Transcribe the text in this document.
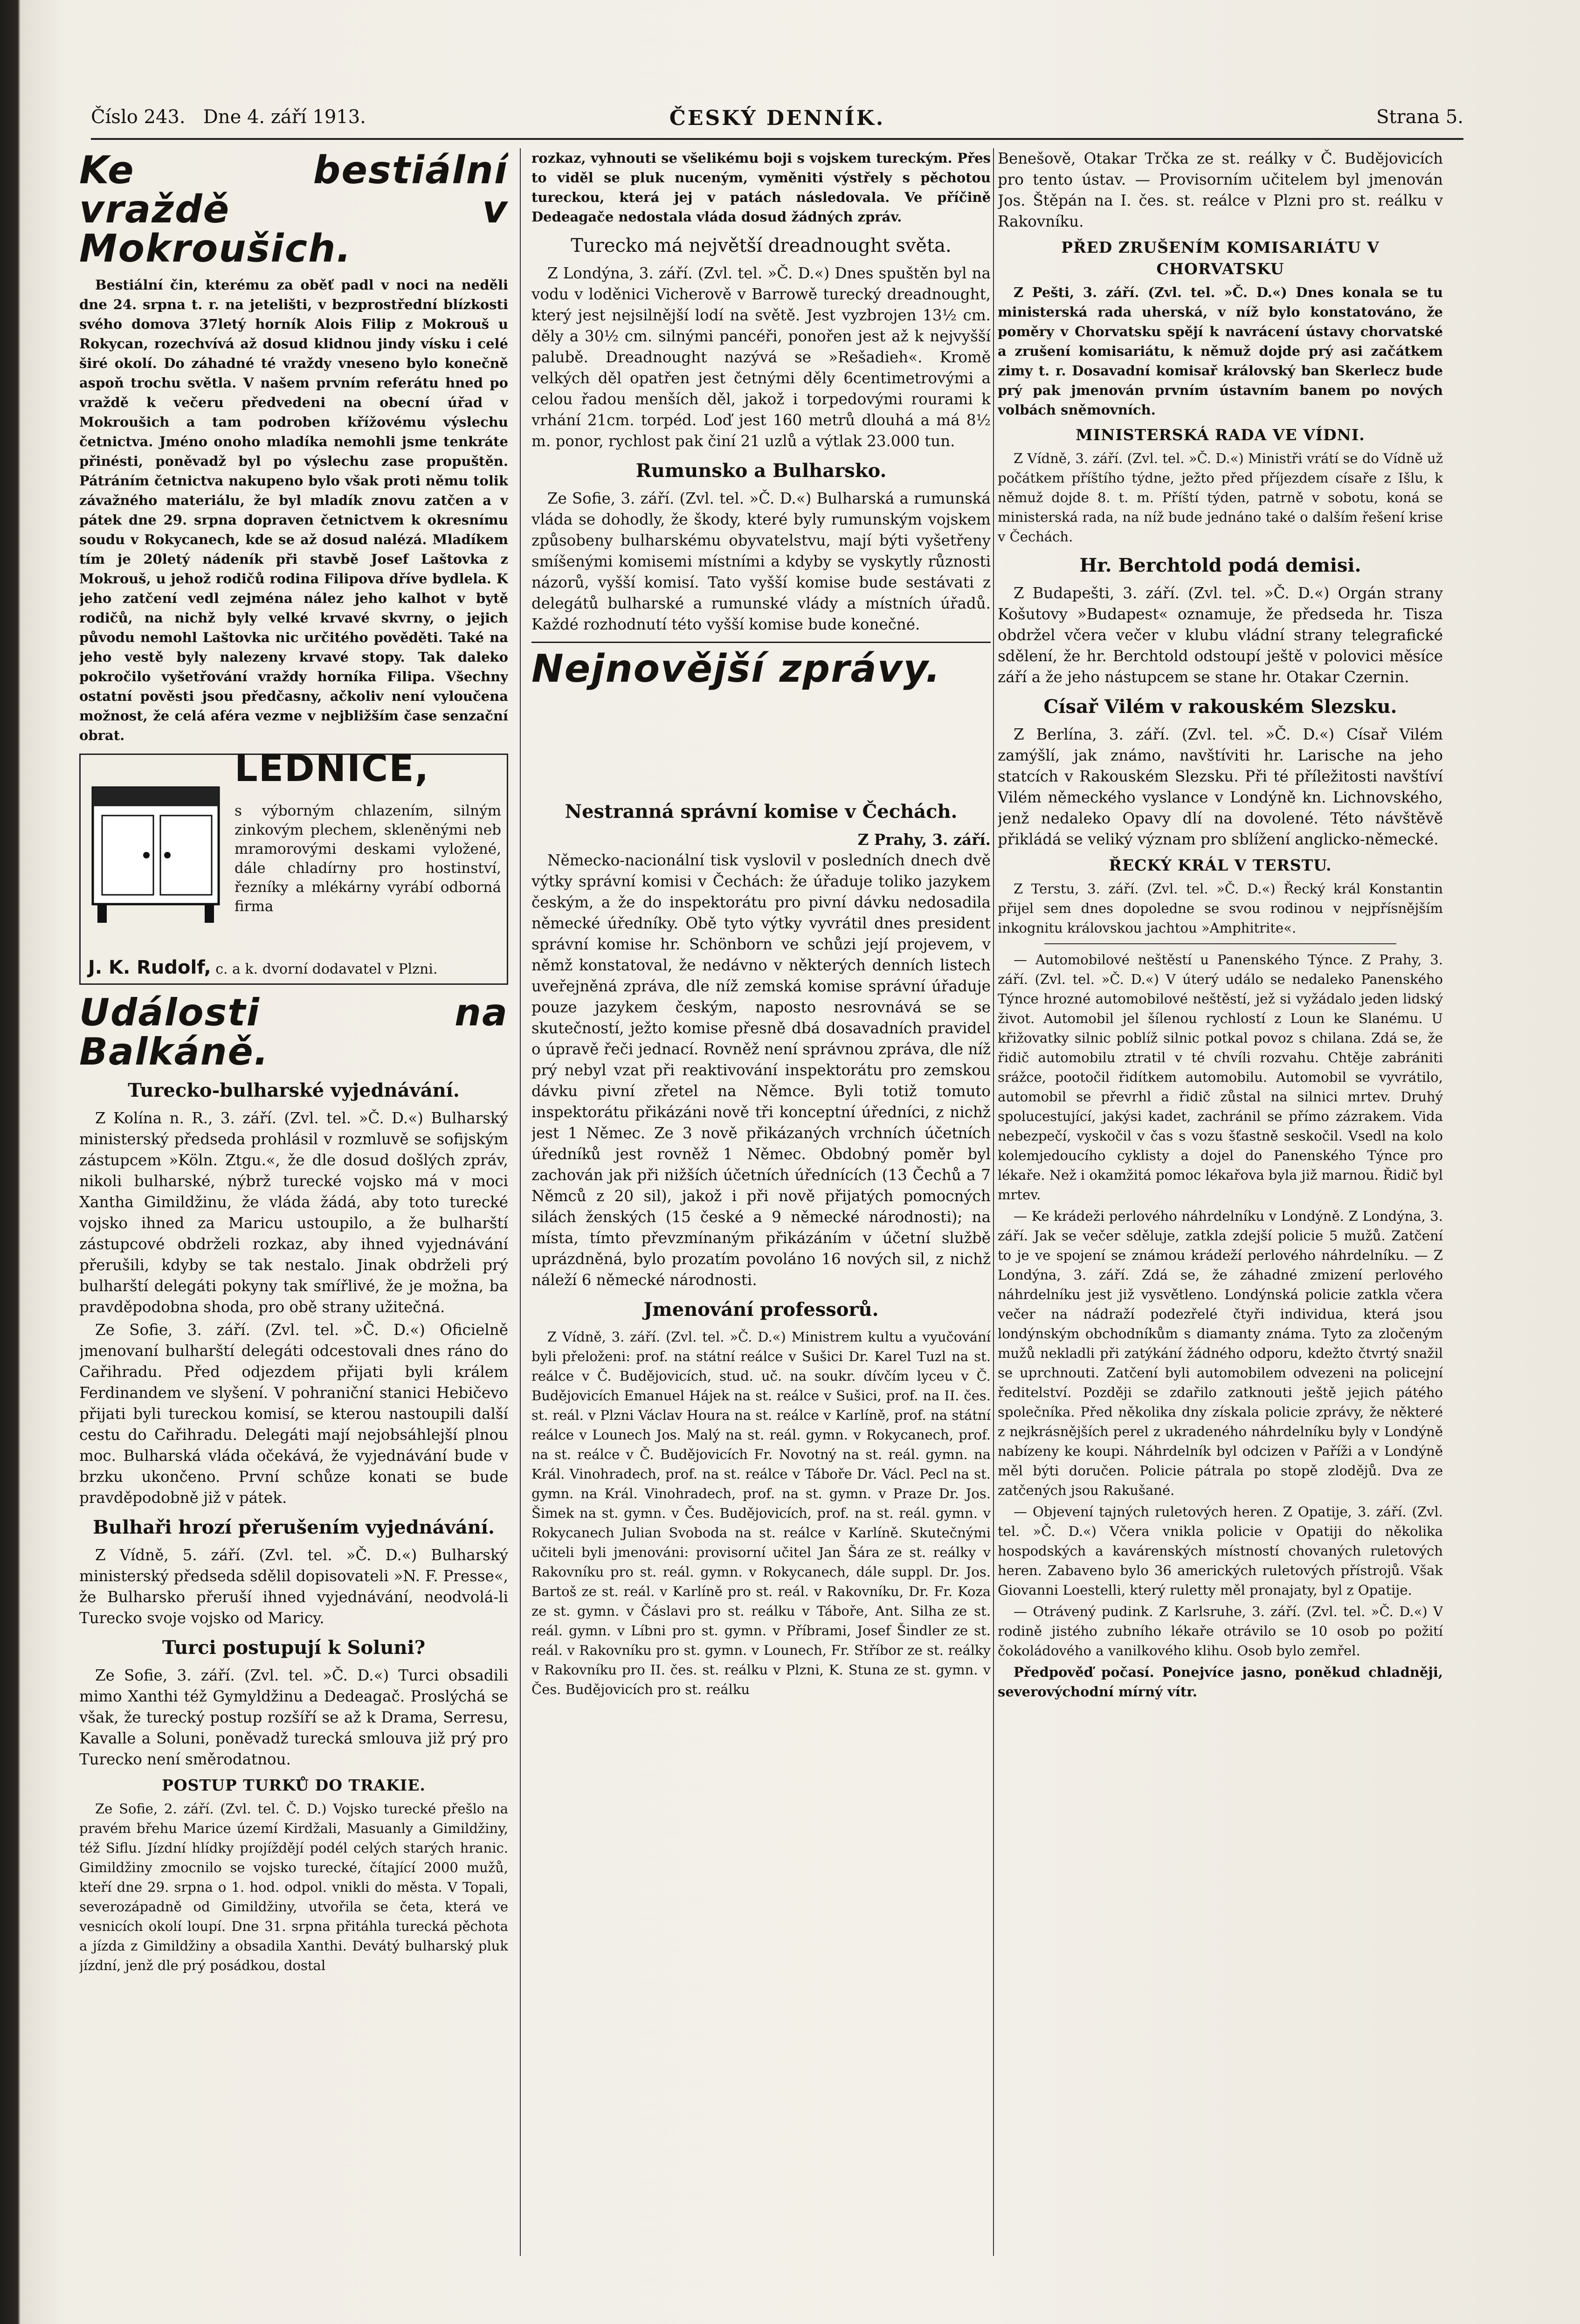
Číslo 243. Dne 4. září 1913.	ČESKÝ DENNÍK.	Strana 5.
Ke bestiální vraždě v Mokroušich.

Bestiální čin, kterému za oběť padl v noci na neděli dne 24. srpna t. r. na jetelišti, v bezprostřední blízkosti svého domova 37letý horník Alois Filip z Mokrouš u Rokycan, rozechvívá až dosud klidnou jindy vísku i celé širé okolí. Do záhadné té vraždy vneseno bylo konečně aspoň trochu světla. V našem prvním referátu hned po vraždě k večeru předvedeni na obecní úřad v Mokroušich a tam podroben křížovému výslechu četnictva. Jméno onoho mladíka nemohli jsme tenkráte přinésti, poněvadž byl po výslechu zase propuštěn. Pátráním četnictva nakupeno bylo však proti němu tolik závažného materiálu, že byl mladík znovu zatčen a v pátek dne 29. srpna dopraven četnictvem k okresnímu soudu v Rokycanech, kde se až dosud nalézá. Mladíkem tím je 20letý nádeník při stavbě Josef Laštovka z Mokrouš, u jehož rodičů rodina Filipova dříve bydlela. K jeho zatčení vedl zejména nález jeho kalhot v bytě rodičů, na nichž byly velké krvavé skvrny, o jejich původu nemohl Laštovka nic určitého pověděti. Také na jeho vestě byly nalezeny krvavé stopy. Tak daleko pokročilo vyšetřování vraždy horníka Filipa. Všechny ostatní pověsti jsou předčasny, ačkoliv není vyloučena možnost, že celá aféra vezme v nejbližším čase senzační obrat.

LEDNICE,
s výborným chlazením, silným zinkovým plechem, skleněnými neb mramorovými deskami vyložené, dále chladírny pro hostinství, řezníky a mlékárny vyrábí odborná firma
J. K. Rudolf, c. a k. dvorní dodavatel v Plzni.
Události na Balkáně.
Turecko-bulharské vyjednávání.

Z Kolína n. R., 3. září. (Zvl. tel. »Č. D.«) Bulharský ministerský předseda prohlásil v rozmluvě se sofijským zástupcem »Köln. Ztgu.«, že dle dosud došlých zpráv, nikoli bulharské, nýbrž turecké vojsko má v moci Xantha Gimildžinu, že vláda žádá, aby toto turecké vojsko ihned za Maricu ustoupilo, a že bulharští zástupcové obdrželi rozkaz, aby ihned vyjednávání přerušili, kdyby se tak nestalo. Jinak obdrželi prý bulharští delegáti pokyny tak smířlivé, že je možna, ba pravděpodobna shoda, pro obě strany užitečná.

Ze Sofie, 3. září. (Zvl. tel. »Č. D.«) Oficielně jmenovaní bulharští delegáti odcestovali dnes ráno do Cařihradu. Před odjezdem přijati byli králem Ferdinandem ve slyšení. V pohraniční stanici Hebičevo přijati byli tureckou komisí, se kterou nastoupili další cestu do Cařihradu. Delegáti mají nejobsáhlejší plnou moc. Bulharská vláda očekává, že vyjednávání bude v brzku ukončeno. První schůze konati se bude pravděpodobně již v pátek.

Bulhaři hrozí přerušením vyjednávání.

Z Vídně, 5. září. (Zvl. tel. »Č. D.«) Bulharský ministerský předseda sdělil dopisovateli »N. F. Presse«, že Bulharsko přeruší ihned vyjednávání, neodvolá-li Turecko svoje vojsko od Maricy.

Turci postupují k Soluni?

Ze Sofie, 3. září. (Zvl. tel. »Č. D.«) Turci obsadili mimo Xanthi též Gymyldžinu a Dedeagač. Proslýchá se však, že turecký postup rozšíří se až k Drama, Serresu, Kavalle a Soluni, poněvadž turecká smlouva již prý pro Turecko není směrodatnou.

POSTUP TURKŮ DO TRAKIE.

Ze Sofie, 2. září. (Zvl. tel. Č. D.) Vojsko turecké přešlo na pravém břehu Marice území Kirdžali, Masuanly a Gimildžiny, též Siflu. Jízdní hlídky projíždějí podél celých starých hranic. Gimildžiny zmocnilo se vojsko turecké, čítající 2000 mužů, kteří dne 29. srpna o 1. hod. odpol. vnikli do města. V Topali, severozápadně od Gimildžiny, utvořila se četa, která ve vesnicích okolí loupí. Dne 31. srpna přitáhla turecká pěchota a jízda z Gimildžiny a obsadila Xanthi. Devátý bulharský pluk jízdní, jenž dle prý posádkou, dostal

rozkaz, vyhnouti se všelikému boji s vojskem tureckým. Přes to viděl se pluk nuceným, vyměniti výstřely s pěchotou tureckou, která jej v patách následovala. Ve příčině Dedeagače nedostala vláda dosud žádných zpráv.

Turecko má největší dreadnought světa.

Z Londýna, 3. září. (Zvl. tel. »Č. D.«) Dnes spuštěn byl na vodu v loděnici Vicherově v Barrowě turecký dreadnought, který jest nejsilnější lodí na světě. Jest vyzbrojen 13½ cm. děly a 30½ cm. silnými pancéři, ponořen jest až k nejvyšší palubě. Dreadnought nazývá se »Rešadieh«. Kromě velkých děl opatřen jest četnými děly 6centimetrovými a celou řadou menších děl, jakož i torpedovými rourami k vrhání 21cm. torpéd. Loď jest 160 metrů dlouhá a má 8½ m. ponor, rychlost pak činí 21 uzlů a výtlak 23.000 tun.

Rumunsko a Bulharsko.

Ze Sofie, 3. září. (Zvl. tel. »Č. D.«) Bulharská a rumunská vláda se dohodly, že škody, které byly rumunským vojskem způsobeny bulharskému obyvatelstvu, mají býti vyšetřeny smíšenými komisemi místními a kdyby se vyskytly různosti názorů, vyšší komisí. Tato vyšší komise bude sestávati z delegátů bulharské a rumunské vlády a místních úřadů. Každé rozhodnutí této vyšší komise bude konečné.

Nejnovější zprávy.
Nestranná správní komise v Čechách.
Z Prahy, 3. září.

Německo-nacionální tisk vyslovil v posledních dnech dvě výtky správní komisi v Čechách: že úřaduje toliko jazykem českým, a že do inspektorátu pro pivní dávku nedosadila německé úředníky. Obě tyto výtky vyvrátil dnes president správní komise hr. Schönborn ve schůzi její projevem, v němž konstatoval, že nedávno v některých denních listech uveřejněná zpráva, dle níž zemská komise správní úřaduje pouze jazykem českým, naposto nesrovnává se se skutečností, ježto komise přesně dbá dosavadních pravidel o úpravě řeči jednací. Rovněž není správnou zpráva, dle níž prý nebyl vzat při reaktivování inspektorátu pro zemskou dávku pivní zřetel na Němce. Byli totiž tomuto inspektorátu přikázáni nově tři konceptní úředníci, z nichž jest 1 Němec. Ze 3 nově přikázaných vrchních účetních úředníků jest rovněž 1 Němec. Obdobný poměr byl zachován jak při nižších účetních úřednících (13 Čechů a 7 Němců z 20 sil), jakož i při nově přijatých pomocných silách ženských (15 české a 9 německé národnosti); na místa, tímto převzmínaným přikázáním v účetní službě uprázdněná, bylo prozatím povoláno 16 nových sil, z nichž náleží 6 německé národnosti.

Jmenování professorů.

Z Vídně, 3. září. (Zvl. tel. »Č. D.«) Ministrem kultu a vyučování byli přeloženi: prof. na státní reálce v Sušici Dr. Karel Tuzl na st. reálce v Č. Budějovicích, stud. uč. na soukr. dívčím lyceu v Č. Budějovicích Emanuel Hájek na st. reálce v Sušici, prof. na II. čes. st. reál. v Plzni Václav Houra na st. reálce v Karlíně, prof. na státní reálce v Lounech Jos. Malý na st. reál. gymn. v Rokycanech, prof. na st. reálce v Č. Budějovicích Fr. Novotný na st. reál. gymn. na Král. Vinohradech, prof. na st. reálce v Táboře Dr. Václ. Pecl na st. gymn. na Král. Vinohradech, prof. na st. gymn. v Praze Dr. Jos. Šimek na st. gymn. v Čes. Budějovicích, prof. na st. reál. gymn. v Rokycanech Julian Svoboda na st. reálce v Karlíně. Skutečnými učiteli byli jmenováni: provisorní učitel Jan Šára ze st. reálky v Rakovníku pro st. reál. gymn. v Rokycanech, dále suppl. Dr. Jos. Bartoš ze st. reál. v Karlíně pro st. reál. v Rakovníku, Dr. Fr. Koza ze st. gymn. v Čáslavi pro st. reálku v Táboře, Ant. Silha ze st. reál. gymn. v Líbni pro st. gymn. v Příbrami, Josef Šindler ze st. reál. v Rakovníku pro st. gymn. v Lounech, Fr. Stříbor ze st. reálky v Rakovníku pro II. čes. st. reálku v Plzni, K. Stuna ze st. gymn. v Čes. Budějovicích pro st. reálku

Benešově, Otakar Trčka ze st. reálky v Č. Budějovicích pro tento ústav. — Provisorním učitelem byl jmenován Jos. Štěpán na I. čes. st. reálce v Plzni pro st. reálku v Rakovníku.

PŘED ZRUŠENÍM KOMISARIÁTU V CHORVATSKU

Z Pešti, 3. září. (Zvl. tel. »Č. D.«) Dnes konala se tu ministerská rada uherská, v níž bylo konstatováno, že poměry v Chorvatsku spějí k navrácení ústavy chorvatské a zrušení komisariátu, k němuž dojde prý asi začátkem zimy t. r. Dosavadní komisař královský ban Skerlecz bude prý pak jmenován prvním ústavním banem po nových volbách sněmovních.

MINISTERSKÁ RADA VE VÍDNI.

Z Vídně, 3. září. (Zvl. tel. »Č. D.«) Ministři vrátí se do Vídně už počátkem příštího týdne, ježto před příjezdem císaře z Išlu, k němuž dojde 8. t. m. Příští týden, patrně v sobotu, koná se ministerská rada, na níž bude jednáno také o dalším řešení krise v Čechách.

Hr. Berchtold podá demisi.

Z Budapešti, 3. září. (Zvl. tel. »Č. D.«) Orgán strany Košutovy »Budapest« oznamuje, že předseda hr. Tisza obdržel včera večer v klubu vládní strany telegrafické sdělení, že hr. Berchtold odstoupí ještě v polovici měsíce září a že jeho nástupcem se stane hr. Otakar Czernin.

Císař Vilém v rakouském Slezsku.

Z Berlína, 3. září. (Zvl. tel. »Č. D.«) Císař Vilém zamýšlí, jak známo, navštíviti hr. Larische na jeho statcích v Rakouském Slezsku. Při té příležitosti navštíví Vilém německého vyslance v Londýně kn. Lichnovského, jenž nedaleko Opavy dlí na dovolené. Této návštěvě přikládá se veliký význam pro sblížení anglicko-německé.

ŘECKÝ KRÁL V TERSTU.

Z Terstu, 3. září. (Zvl. tel. »Č. D.«) Řecký král Konstantin přijel sem dnes dopoledne se svou rodinou v nejpřísnějším inkognitu královskou jachtou »Amphitrite«.

— Automobilové neštěstí u Panenského Týnce. Z Prahy, 3. září. (Zvl. tel. »Č. D.«) V úterý událo se nedaleko Panenského Týnce hrozné automobilové neštěstí, jež si vyžádalo jeden lidský život. Automobil jel šílenou rychlostí z Loun ke Slanému. U křižovatky silnic poblíž silnic potkal povoz s chilana. Zdá se, že řidič automobilu ztratil v té chvíli rozvahu. Chtěje zabrániti srážce, pootočil řidítkem automobilu. Automobil se vyvrátilo, automobil se převrhl a řidič zůstal na silnici mrtev. Druhý spolucestující, jakýsi kadet, zachránil se přímo zázrakem. Vida nebezpečí, vyskočil v čas s vozu šťastně seskočil. Vsedl na kolo kolemjedoucího cyklisty a dojel do Panenského Týnce pro lékaře. Než i okamžitá pomoc lékařova byla již marnou. Řidič byl mrtev.

— Ke krádeži perlového náhrdelníku v Londýně. Z Londýna, 3. září. Jak se večer sděluje, zatkla zdejší policie 5 mužů. Zatčení to je ve spojení se známou krádeží perlového náhrdelníku. — Z Londýna, 3. září. Zdá se, že záhadné zmizení perlového náhrdelníku jest již vysvětleno. Londýnská policie zatkla včera večer na nádraží podezřelé čtyři individua, která jsou londýnským obchodníkům s diamanty známa. Tyto za zločeným mužů nekladli při zatýkání žádného odporu, kdežto čtvrtý snažil se uprchnouti. Zatčení byli automobilem odvezeni na policejní ředitelství. Později se zdařilo zatknouti ještě jejich pátého společníka. Před několika dny získala policie zprávy, že některé z nejkrásnějších perel z ukradeného náhrdelníku byly v Londýně nabízeny ke koupi. Náhrdelník byl odcizen v Paříži a v Londýně měl býti doručen. Policie pátrala po stopě zlodějů. Dva ze zatčených jsou Rakušané.

— Objevení tajných ruletových heren. Z Opatije, 3. září. (Zvl. tel. »Č. D.«) Včera vnikla policie v Opatiji do několika hospodských a kavárenských místností chovaných ruletových heren. Zabaveno bylo 36 amerických ruletových přístrojů. Však Giovanni Loestelli, který ruletty měl pronajaty, byl z Opatije.

— Otrávený pudink. Z Karlsruhe, 3. září. (Zvl. tel. »Č. D.«) V rodině jistého zubního lékaře otrávilo se 10 osob po požití čokoládového a vanilkového klihu. Osob bylo zemřel.

Předpověď počasí. Ponejvíce jasno, poněkud chladněji, severovýchodní mírný vítr.
